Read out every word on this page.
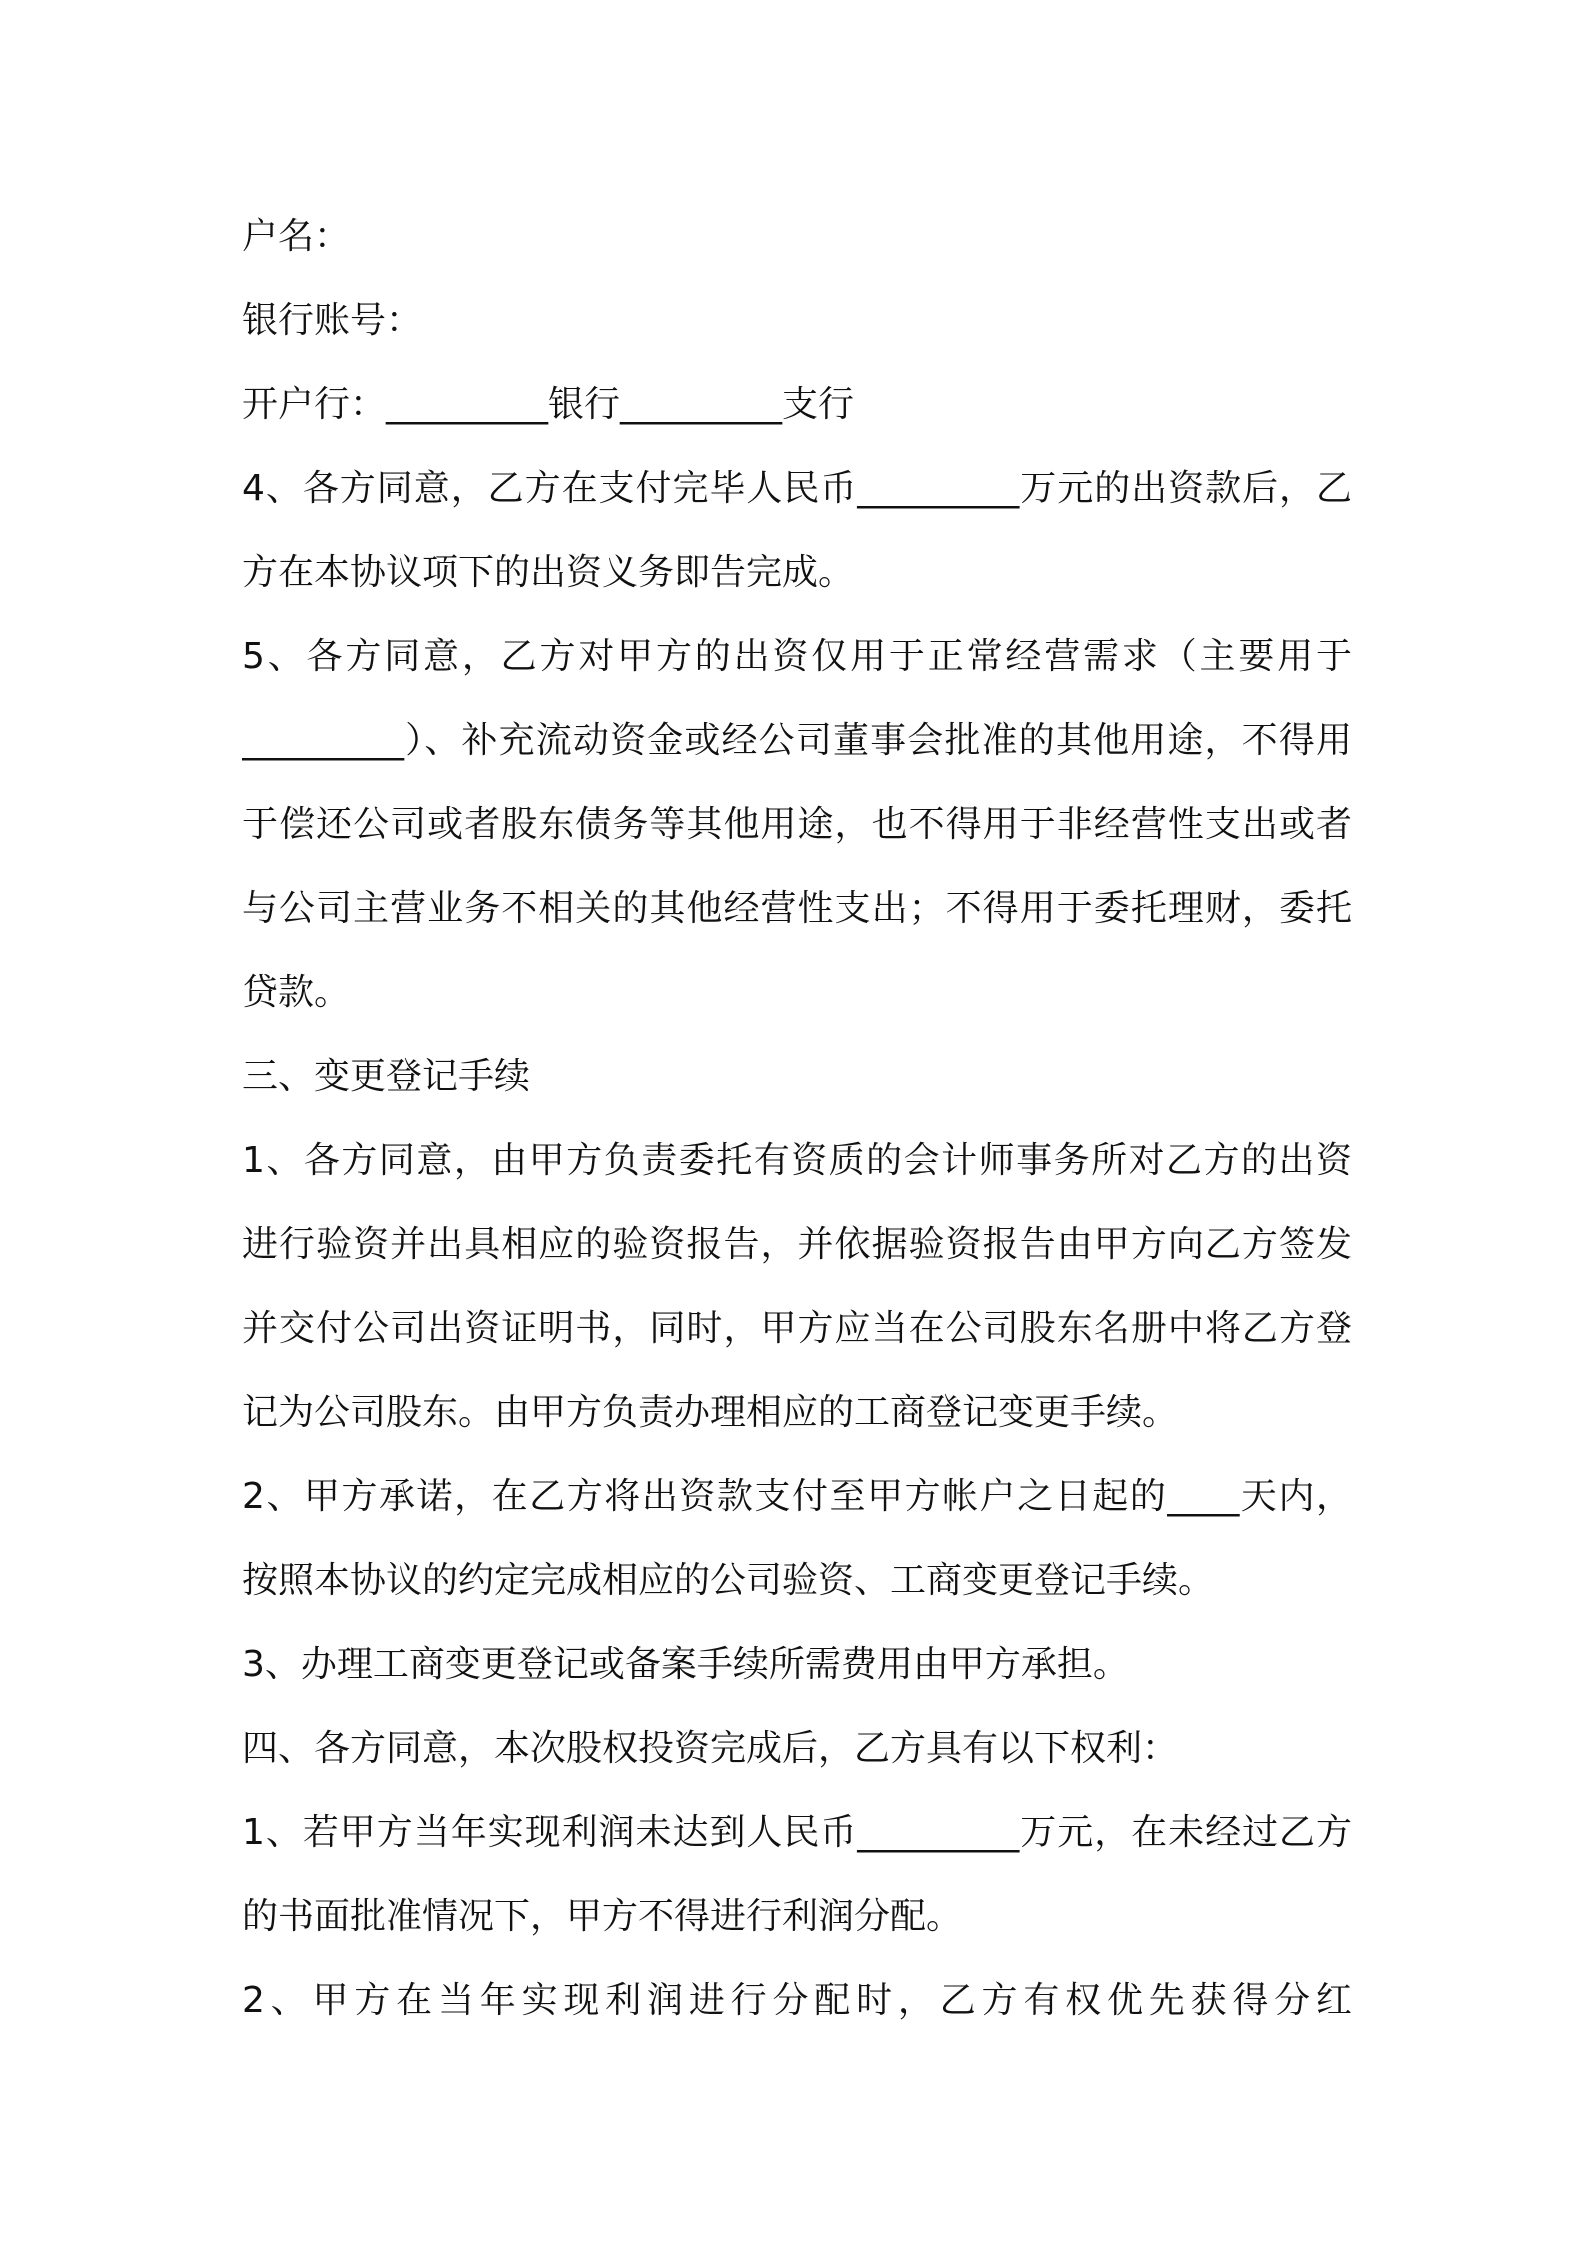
户名：
银行账号：
开户行：_________银行_________支行
4、各方同意，乙方在支付完毕人民币_________万元的出资款后，乙
方在本协议项下的出资义务即告完成。
5、各方同意，乙方对甲方的出资仅用于正常经营需求（主要用于
_________）、补充流动资金或经公司董事会批准的其他用途，不得用
于偿还公司或者股东债务等其他用途，也不得用于非经营性支出或者
与公司主营业务不相关的其他经营性支出；不得用于委托理财，委托
贷款。
三、变更登记手续
1、各方同意，由甲方负责委托有资质的会计师事务所对乙方的出资
进行验资并出具相应的验资报告，并依据验资报告由甲方向乙方签发
并交付公司出资证明书，同时，甲方应当在公司股东名册中将乙方登
记为公司股东。由甲方负责办理相应的工商登记变更手续。
2、甲方承诺，在乙方将出资款支付至甲方帐户之日起的____天内，
按照本协议的约定完成相应的公司验资、工商变更登记手续。
3、办理工商变更登记或备案手续所需费用由甲方承担。
四、各方同意，本次股权投资完成后，乙方具有以下权利：
1、若甲方当年实现利润未达到人民币_________万元，在未经过乙方
的书面批准情况下，甲方不得进行利润分配。
2、甲方在当年实现利润进行分配时，乙方有权优先获得分红
